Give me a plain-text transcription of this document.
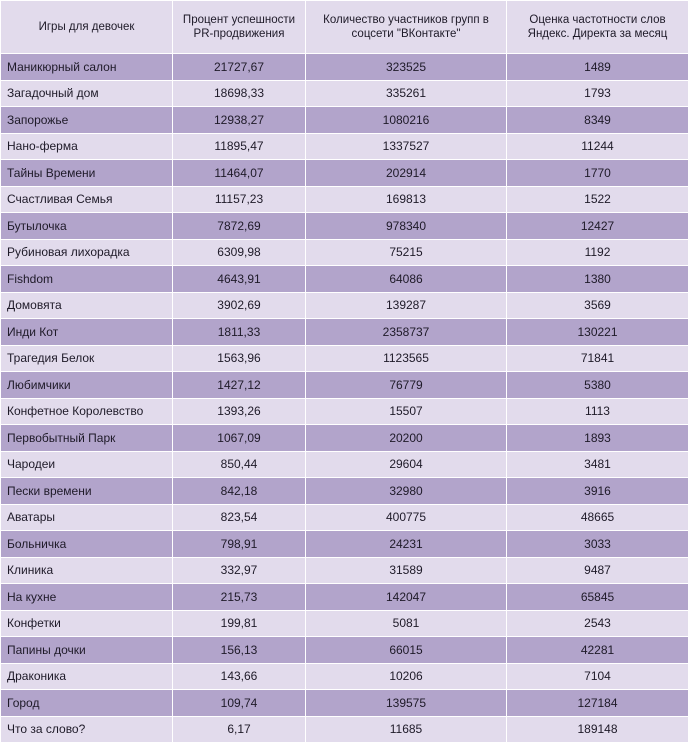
Игры для девочек	Процент успешности PR-продвижения	Количество участников групп в соцсети "ВКонтакте"	Оценка частотности слов Яндекс. Директа за месяц
Маникюрный салон	21727,67	323525	1489
Загадочный дом	18698,33	335261	1793
Запорожье	12938,27	1080216	8349
Нано-ферма	11895,47	1337527	11244
Тайны Времени	11464,07	202914	1770
Счастливая Семья	11157,23	169813	1522
Бутылочка	7872,69	978340	12427
Рубиновая лихорадка	6309,98	75215	1192
Fishdom	4643,91	64086	1380
Домовята	3902,69	139287	3569
Инди Кот	1811,33	2358737	130221
Трагедия Белок	1563,96	1123565	71841
Любимчики	1427,12	76779	5380
Конфетное Королевство	1393,26	15507	1113
Первобытный Парк	1067,09	20200	1893
Чародеи	850,44	29604	3481
Пески времени	842,18	32980	3916
Аватары	823,54	400775	48665
Больничка	798,91	24231	3033
Клиника	332,97	31589	9487
На кухне	215,73	142047	65845
Конфетки	199,81	5081	2543
Папины дочки	156,13	66015	42281
Драконика	143,66	10206	7104
Город	109,74	139575	127184
Что за слово?	6,17	11685	189148
